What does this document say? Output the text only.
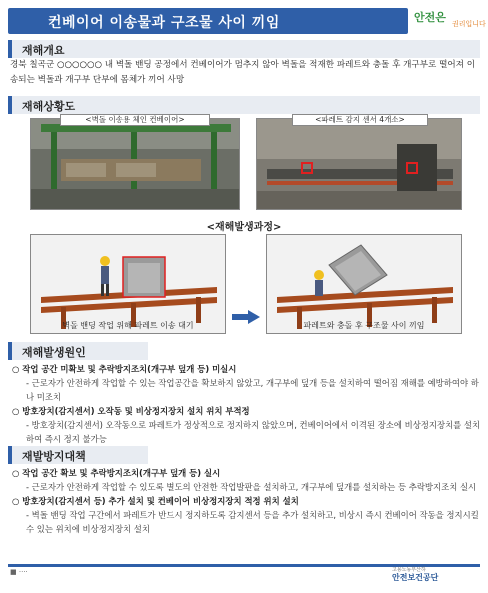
컨베이어 이송물과 구조물 사이 끼임	안전은 권리입니다
재해개요
경북 칠곡군 ○○○○○○ 내 벽돌 밴딩 공정에서 컨베이어가 멈추지 않아 벽돌을 적재한 파레트와 충돌 후 개구부로 떨어져 이송되는 벽돌과 개구부 단부에 몸체가 끼어 사망
재해상황도
<벽돌 이송용 체인 컨베이어>	<파레트 감지 센서 4개소>
<재해발생과정>
벽돌 밴딩 작업 위해 파레트 이송 대기	파레트와 충돌 후 구조물 사이 끼임
재해발생원인
○ 작업 공간 미확보 및 추락방지조치(개구부 덮개 등) 미실시
- 근로자가 안전하게 작업할 수 있는 작업공간을 확보하지 않았고, 개구부에 덮개 등을 설치하여 떨어짐 재해를 예방하여야 하나 미조치
○ 방호장치(감지센서) 오작동 및 비상정지장치 설치 위치 부적정
- 방호장치(감지센서) 오작동으로 파레트가 정상적으로 정지하지 않았으며, 컨베이어에서 이격된 장소에 비상정지장치를 설치하여 즉시 정지 불가능
재발방지대책
○ 작업 공간 확보 및 추락방지조치(개구부 덮개 등) 실시
- 근로자가 안전하게 작업할 수 있도록 별도의 안전한 작업발판을 설치하고, 개구부에 덮개를 설치하는 등 추락방지조치 실시
○ 방호장치(감지센서 등) 추가 설치 및 컨베이어 비상정지장치 적정 위치 설치
- 벽돌 밴딩 작업 구간에서 파레트가 반드시 정지하도록 감지센서 등을 추가 설치하고, 비상시 즉시 컨베이어 작동을 정지시킬 수 있는 위치에 비상정지장치 설치
■ ····	고용노동부산하
안전보건공단
